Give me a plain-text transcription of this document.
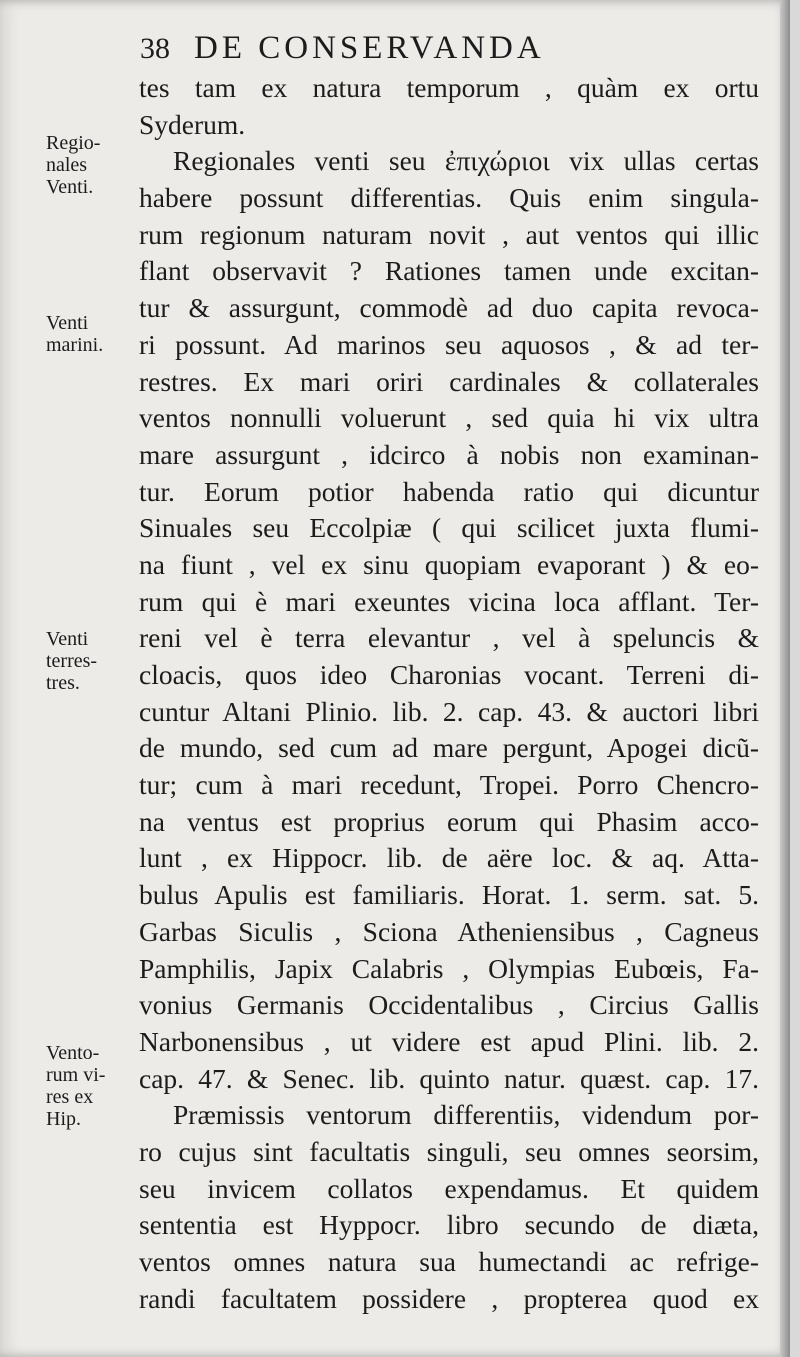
38 DE CONSERVANDA
Regio-
nales
Venti.
Venti
marini.
Venti
terres-
tres.
Vento-
rum vi-
res ex
Hip.
tes tam ex natura temporum , quàm ex ortu
Syderum.
Regionales venti seu ἐπιχώριοι vix ullas certas
habere possunt differentias. Quis enim singula-
rum regionum naturam novit , aut ventos qui illic
flant observavit ? Rationes tamen unde excitan-
tur & assurgunt, commodè ad duo capita revoca-
ri possunt. Ad marinos seu aquosos , & ad ter-
restres. Ex mari oriri cardinales & collaterales
ventos nonnulli voluerunt , sed quia hi vix ultra
mare assurgunt , idcirco à nobis non examinan-
tur. Eorum potior habenda ratio qui dicuntur
Sinuales seu Eccolpiæ ( qui scilicet juxta flumi-
na fiunt , vel ex sinu quopiam evaporant ) & eo-
rum qui è mari exeuntes vicina loca afflant. Ter-
reni vel è terra elevantur , vel à speluncis &
cloacis, quos ideo Charonias vocant. Terreni di-
cuntur Altani Plinio. lib. 2. cap. 43. & auctori libri
de mundo, sed cum ad mare pergunt, Apogei dicũ-
tur; cum à mari recedunt, Tropei. Porro Chencro-
na ventus est proprius eorum qui Phasim acco-
lunt , ex Hippocr. lib. de aëre loc. & aq. Atta-
bulus Apulis est familiaris. Horat. 1. serm. sat. 5.
Garbas Siculis , Sciona Atheniensibus , Cagneus
Pamphilis, Japix Calabris , Olympias Eubœis, Fa-
vonius Germanis Occidentalibus , Circius Gallis
Narbonensibus , ut videre est apud Plini. lib. 2.
cap. 47. & Senec. lib. quinto natur. quæst. cap. 17.
Præmissis ventorum differentiis, videndum por-
ro cujus sint facultatis singuli, seu omnes seorsim,
seu invicem collatos expendamus. Et quidem
sententia est Hyppocr. libro secundo de diæta,
ventos omnes natura sua humectandi ac refrige-
randi facultatem possidere , propterea quod ex
